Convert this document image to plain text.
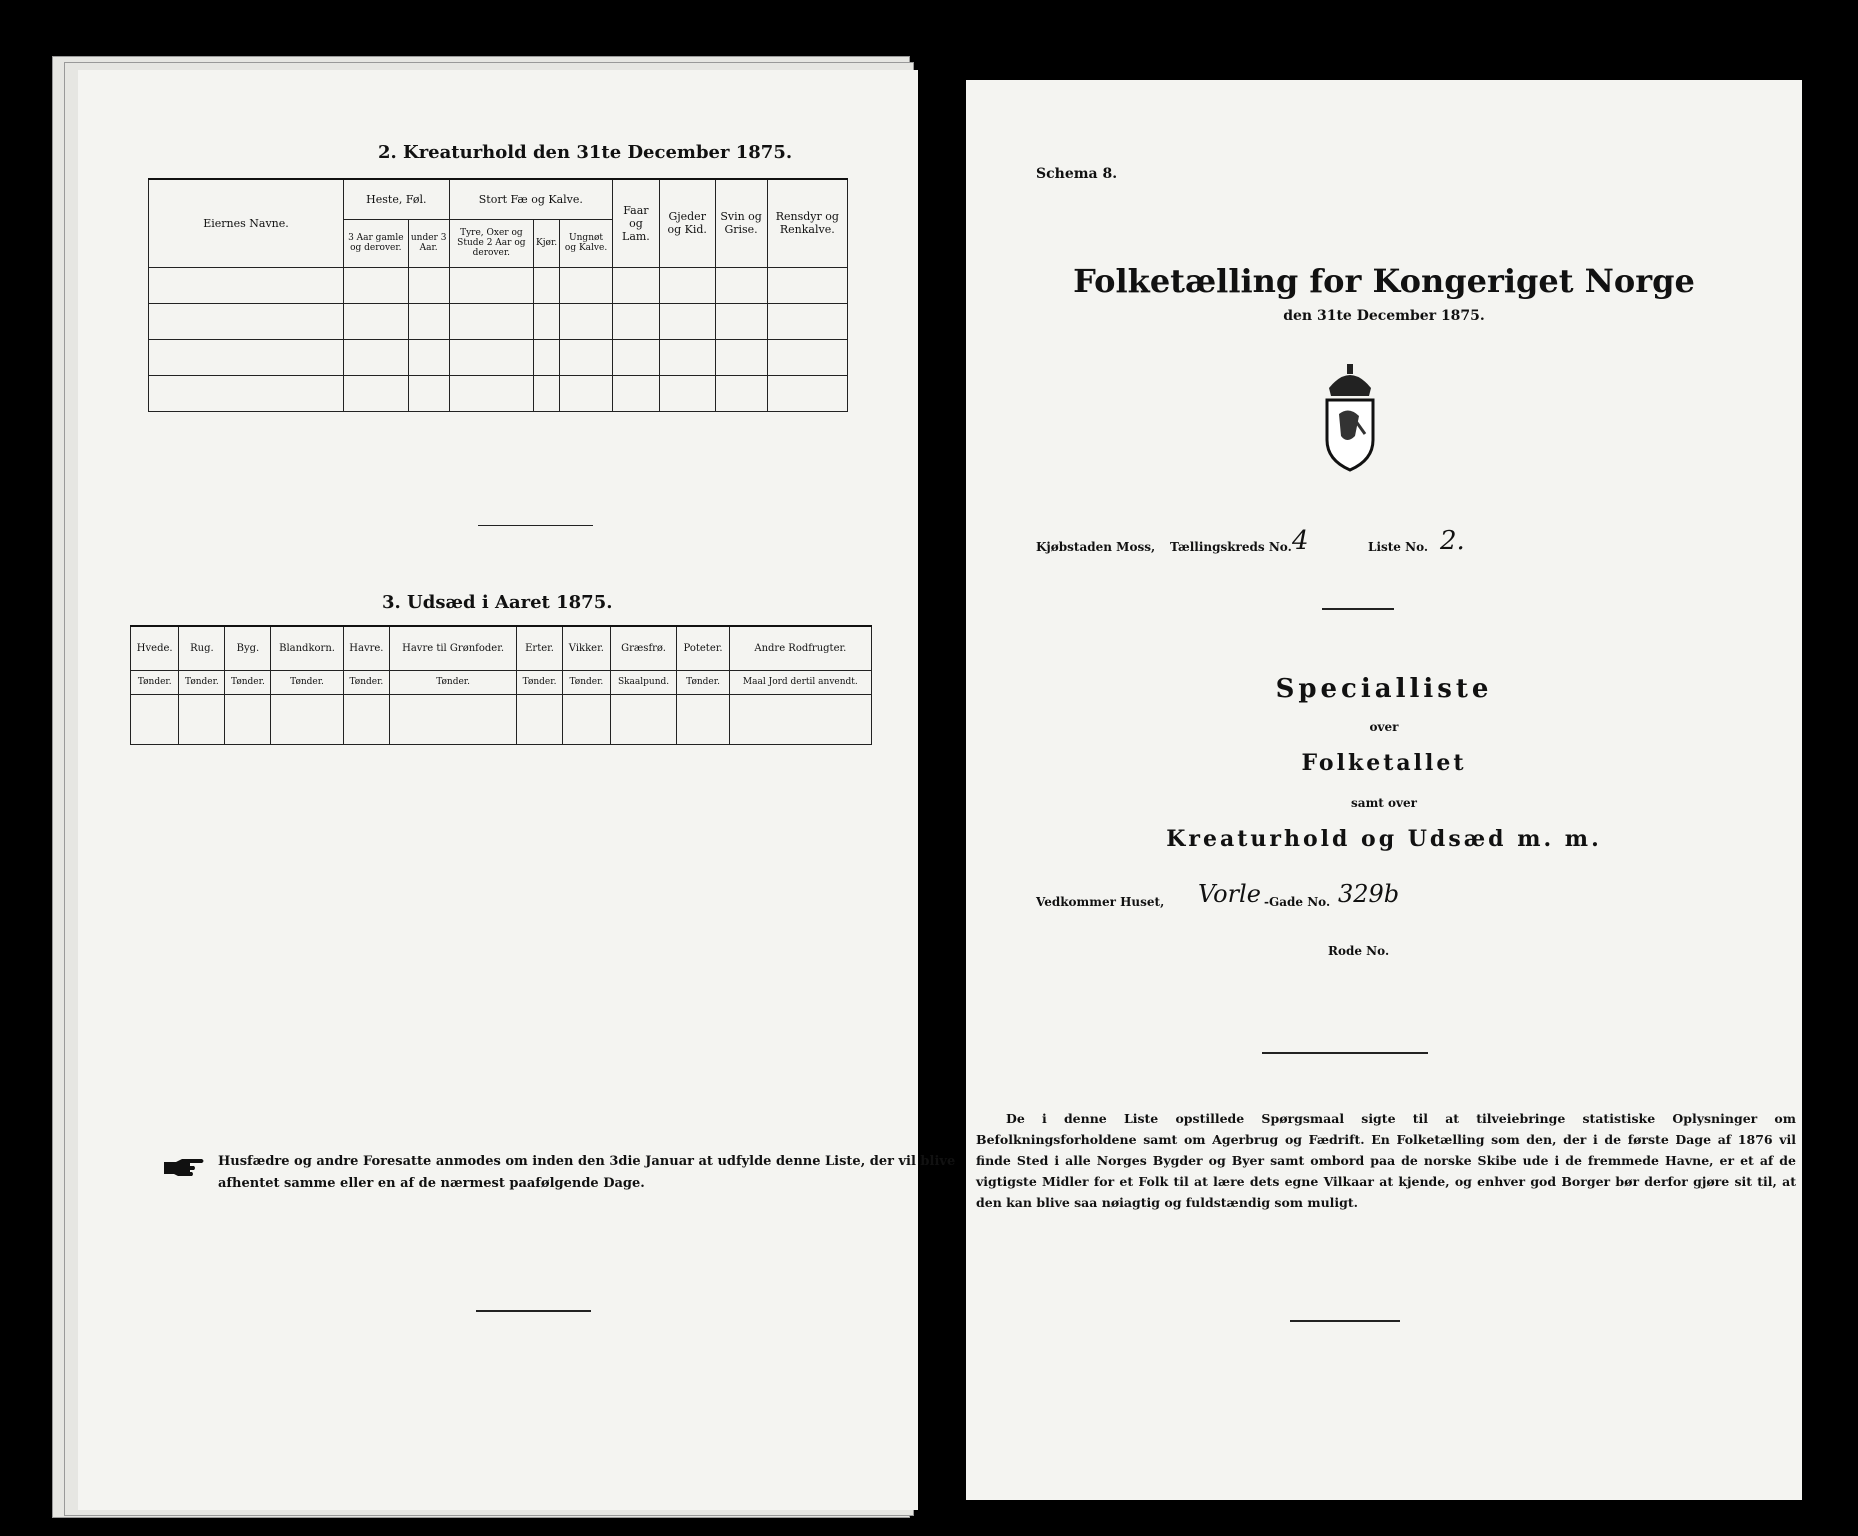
2. Kreaturhold den 31te December 1875.
Eiernes Navne.	Heste, Føl.		Stort Fæ og Kalve.			Faar og Lam.	Gjeder og Kid.	Svin og Grise.	Rensdyr og Renkalve.
	3 Aar gamle og derover.	under 3 Aar.	Tyre, Oxer og Stude 2 Aar og derover.	Kjør.	Ungnøt og Kalve.				

3. Udsæd i Aaret 1875.
Hvede.	Rug.	Byg.	Blandkorn.	Havre.	Havre til Grønfoder.	Erter.	Vikker.	Græsfrø.	Poteter.	Andre Rodfrugter.
Tønder.	Tønder.	Tønder.	Tønder.	Tønder.	Tønder.	Tønder.	Tønder.	Skaalpund.	Tønder.	Maal Jord dertil anvendt.

Husfædre og andre Foresatte anmodes om inden den 3die Januar at udfylde denne Liste, der vil blive
afhentet samme eller en af de nærmest paafølgende Dage.
Schema 8.
Folketælling for Kongeriget Norge
den 31te December 1875.
Kjøbstaden Moss, Tællingskreds No. 4	Liste No. 2.
Specialliste
over
Folketallet
samt over
Kreaturhold og Udsæd m. m.
Vedkommer Huset, Vorle -Gade No. 329b
Rode No.
De i denne Liste opstillede Spørgsmaal sigte til at tilveiebringe statistiske Oplysninger om Befolkningsforholdene samt om Agerbrug og Fædrift. En Folketælling som den, der i de første Dage af 1876 vil finde Sted i alle Norges Bygder og Byer samt ombord paa de norske Skibe ude i de fremmede Havne, er et af de vigtigste Midler for et Folk til at lære dets egne Vilkaar at kjende, og enhver god Borger bør derfor gjøre sit til, at den kan blive saa nøiagtig og fuldstændig som muligt.
